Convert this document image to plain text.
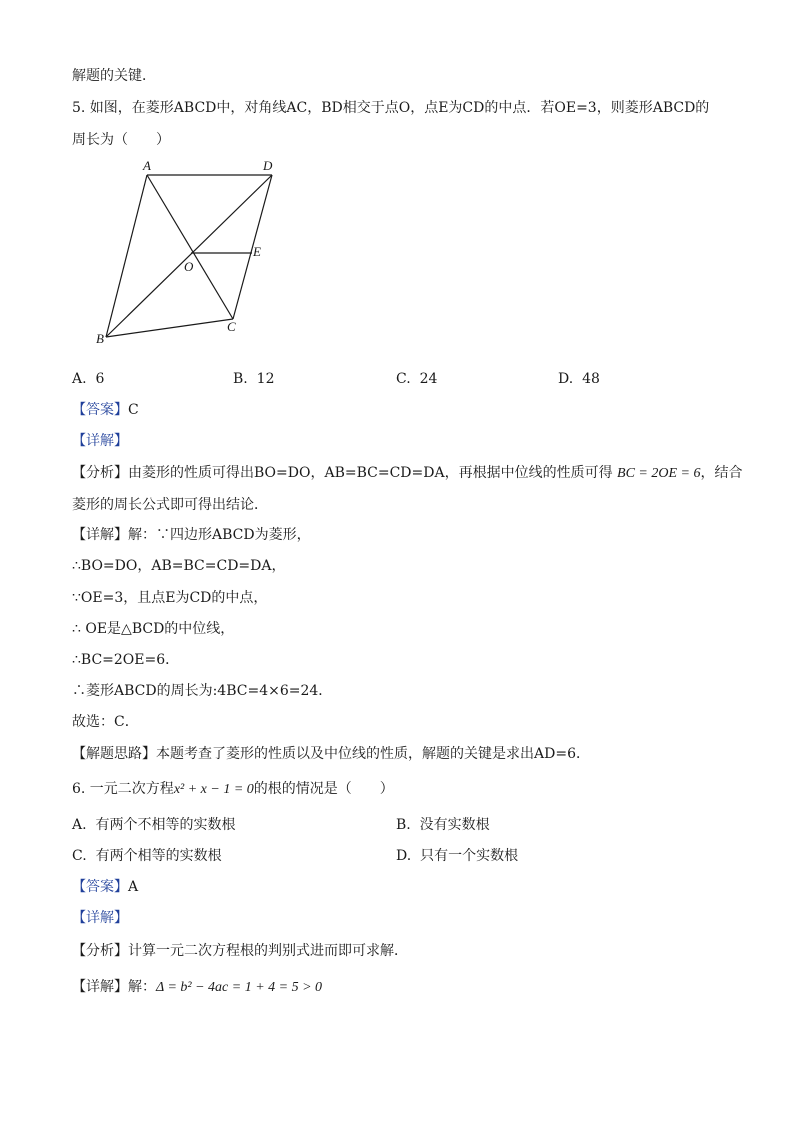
解题的关键．
5. 如图，在菱形ABCD中，对角线AC，BD相交于点O，点E为CD的中点．若OE=3，则菱形ABCD的
周长为（　　）
A	D
E
O
C
B
A. 6	B. 12	C. 24	D. 48
【答案】C
【详解】
【分析】由菱形的性质可得出BO=DO，AB=BC=CD=DA，再根据中位线的性质可得 BC = 2OE = 6，结合
菱形的周长公式即可得出结论．
【详解】解：∵四边形ABCD为菱形，
∴BO=DO，AB=BC=CD=DA，
∵OE=3，且点E为CD的中点，
∴ OE是△BCD的中位线，
∴BC=2OE=6．
∴菱形ABCD的周长为:4BC=4×6=24．
故选：C．
【解题思路】本题考查了菱形的性质以及中位线的性质，解题的关键是求出AD=6．
6. 一元二次方程x² + x − 1 = 0的根的情况是（　　）
A. 有两个不相等的实数根	B. 没有实数根
C. 有两个相等的实数根	D. 只有一个实数根
【答案】A
【详解】
【分析】计算一元二次方程根的判别式进而即可求解．
【详解】解：Δ = b² − 4ac = 1 + 4 = 5 > 0
